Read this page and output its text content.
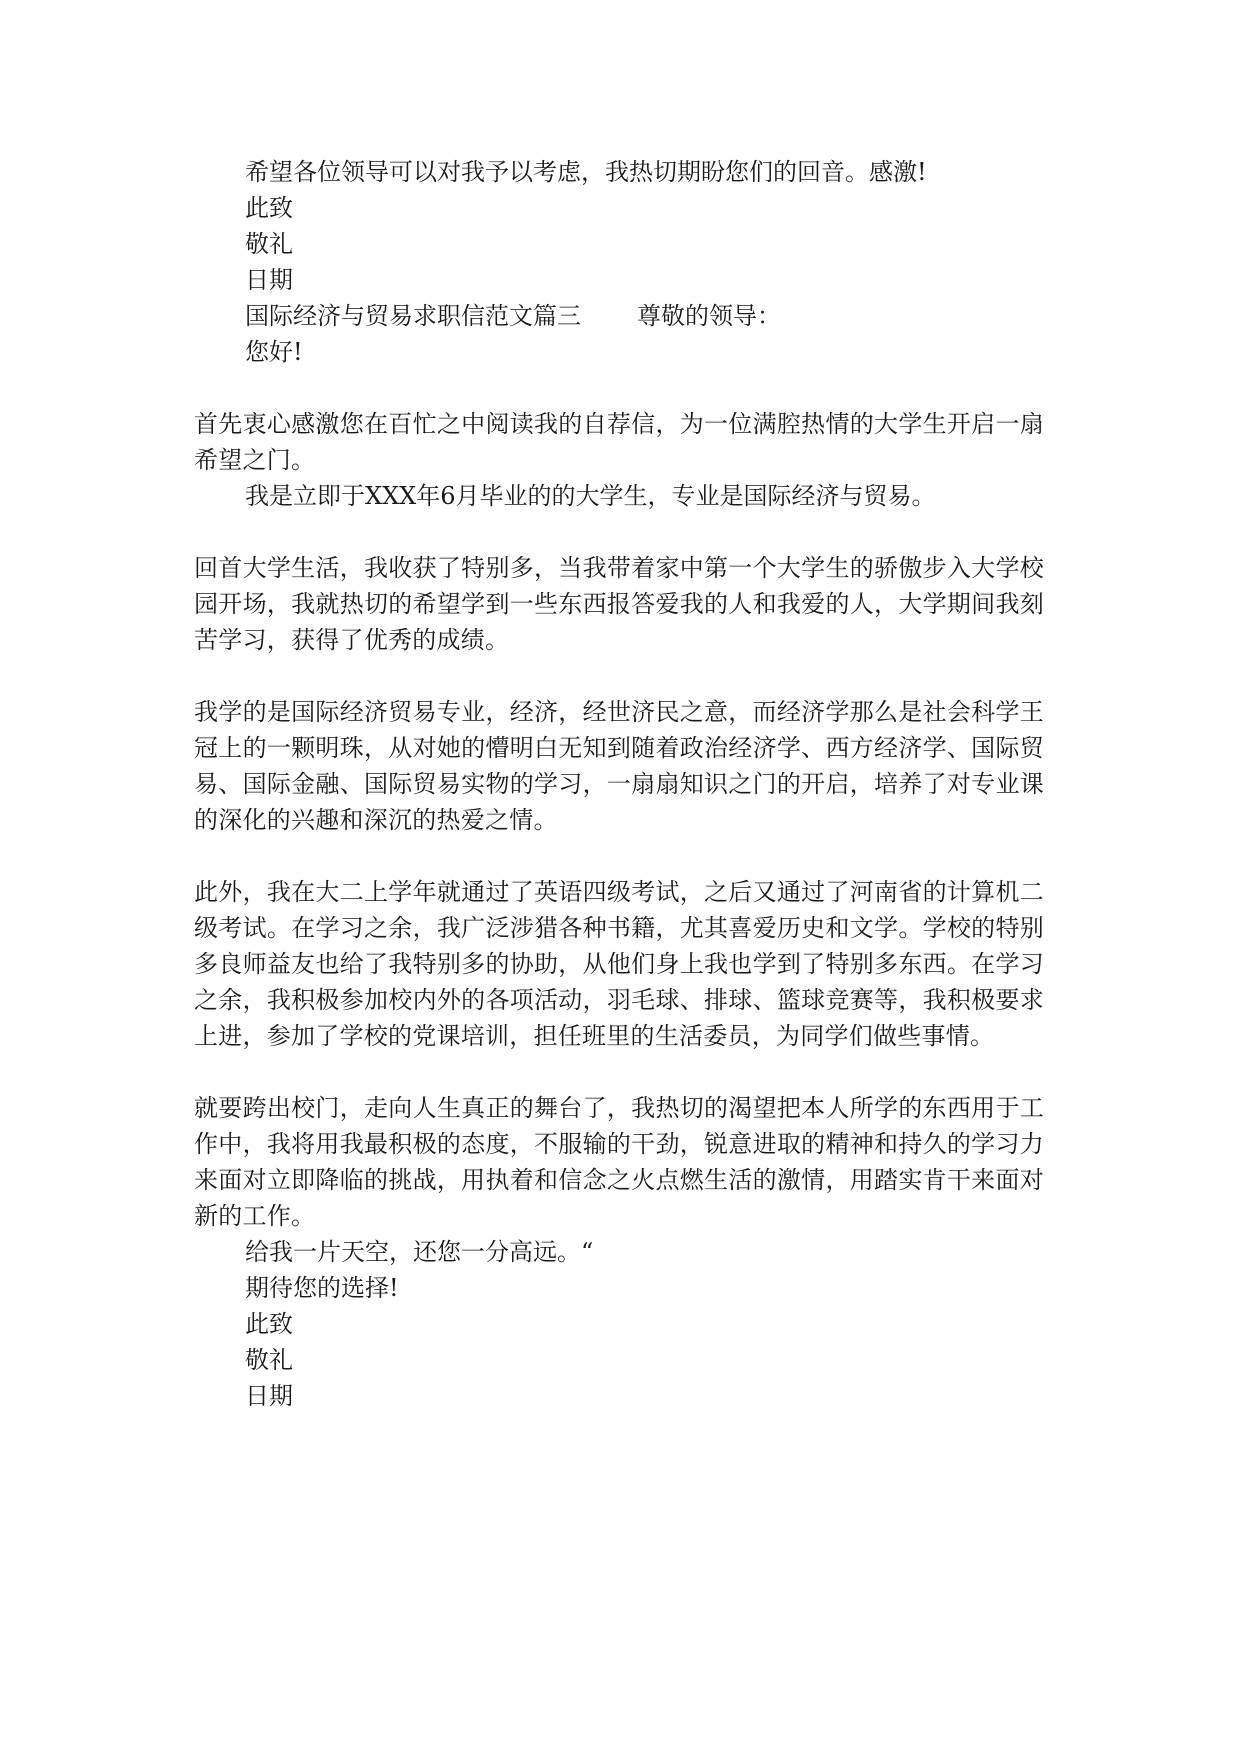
希望各位领导可以对我予以考虑，我热切期盼您们的回音。感激!

此致

敬礼

日期

国际经济与贸易求职信范文篇三 尊敬的领导：

您好!

首先衷心感激您在百忙之中阅读我的自荐信，为一位满腔热情的大学生开启一扇希望之门。

我是立即于XXX年6月毕业的的大学生，专业是国际经济与贸易。

回首大学生活，我收获了特别多，当我带着家中第一个大学生的骄傲步入大学校园开场，我就热切的希望学到一些东西报答爱我的人和我爱的人，大学期间我刻苦学习，获得了优秀的成绩。

我学的是国际经济贸易专业，经济，经世济民之意，而经济学那么是社会科学王冠上的一颗明珠，从对她的懵明白无知到随着政治经济学、西方经济学、国际贸易、国际金融、国际贸易实物的学习，一扇扇知识之门的开启，培养了对专业课的深化的兴趣和深沉的热爱之情。

此外，我在大二上学年就通过了英语四级考试，之后又通过了河南省的计算机二级考试。在学习之余，我广泛涉猎各种书籍，尤其喜爱历史和文学。学校的特别多良师益友也给了我特别多的协助，从他们身上我也学到了特别多东西。在学习之余，我积极参加校内外的各项活动，羽毛球、排球、篮球竞赛等，我积极要求上进，参加了学校的党课培训，担任班里的生活委员，为同学们做些事情。

就要跨出校门，走向人生真正的舞台了，我热切的渴望把本人所学的东西用于工作中，我将用我最积极的态度，不服输的干劲，锐意进取的精神和持久的学习力来面对立即降临的挑战，用执着和信念之火点燃生活的激情，用踏实肯干来面对新的工作。

给我一片天空，还您一分高远。“

期待您的选择!

此致

敬礼

日期
